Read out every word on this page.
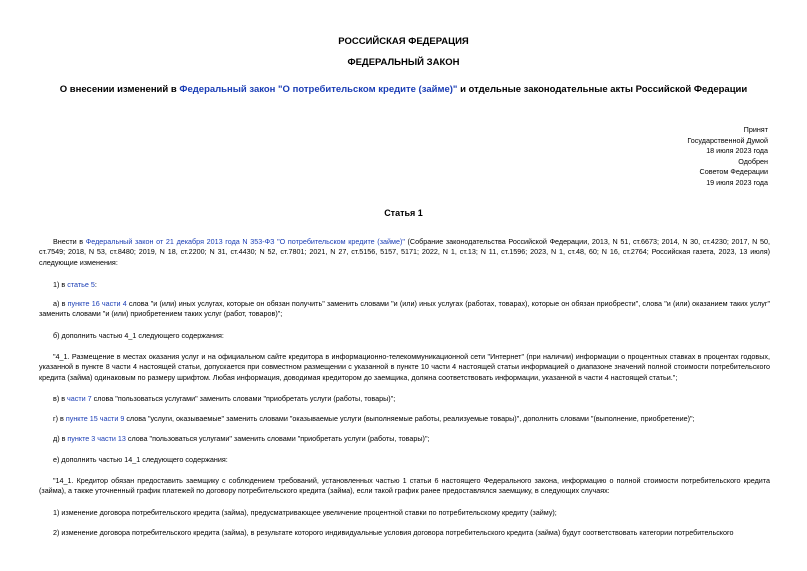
РОССИЙСКАЯ ФЕДЕРАЦИЯ
ФЕДЕРАЛЬНЫЙ ЗАКОН
О внесении изменений в Федеральный закон "О потребительском кредите (займе)" и отдельные законодательные акты Российской Федерации
Принят
Государственной Думой
18 июля 2023 года
Одобрен
Советом Федерации
19 июля 2023 года
Статья 1

Внести в Федеральный закон от 21 декабря 2013 года N 353-ФЗ "О потребительском кредите (займе)" (Собрание законодательства Российской Федерации, 2013, N 51, ст.6673; 2014, N 30, ст.4230; 2017, N 50, ст.7549; 2018, N 53, ст.8480; 2019, N 18, ст.2200; N 31, ст.4430; N 52, ст.7801; 2021, N 27, ст.5156, 5157, 5171; 2022, N 1, ст.13; N 11, ст.1596; 2023, N 1, ст.48, 60; N 16, ст.2764; Российская газета, 2023, 13 июля) следующие изменения:

1) в статье 5:

а) в пункте 16 части 4 слова "и (или) иных услугах, которые он обязан получить" заменить словами "и (или) иных услугах (работах, товарах), которые он обязан приобрести", слова "и (или) оказанием таких услуг" заменить словами "и (или) приобретением таких услуг (работ, товаров)";

б) дополнить частью 4_1 следующего содержания:

"4_1. Размещение в местах оказания услуг и на официальном сайте кредитора в информационно-телекоммуникационной сети "Интернет" (при наличии) информации о процентных ставках в процентах годовых, указанной в пункте 8 части 4 настоящей статьи, допускается при совместном размещении с указанной в пункте 10 части 4 настоящей статьи информацией о диапазоне значений полной стоимости потребительского кредита (займа) одинаковым по размеру шрифтом. Любая информация, доводимая кредитором до заемщика, должна соответствовать информации, указанной в части 4 настоящей статьи.";

в) в части 7 слова "пользоваться услугами" заменить словами "приобретать услуги (работы, товары)";

г) в пункте 15 части 9 слова "услуги, оказываемые" заменить словами "оказываемые услуги (выполняемые работы, реализуемые товары)", дополнить словами "(выполнение, приобретение)";

д) в пункте 3 части 13 слова "пользоваться услугами" заменить словами "приобретать услуги (работы, товары)";

е) дополнить частью 14_1 следующего содержания:

"14_1. Кредитор обязан предоставить заемщику с соблюдением требований, установленных частью 1 статьи 6 настоящего Федерального закона, информацию о полной стоимости потребительского кредита (займа), а также уточненный график платежей по договору потребительского кредита (займа), если такой график ранее предоставлялся заемщику, в следующих случаях:

1) изменение договора потребительского кредита (займа), предусматривающее увеличение процентной ставки по потребительскому кредиту (займу);

2) изменение договора потребительского кредита (займа), в результате которого индивидуальные условия договора потребительского кредита (займа) будут соответствовать категории потребительского
